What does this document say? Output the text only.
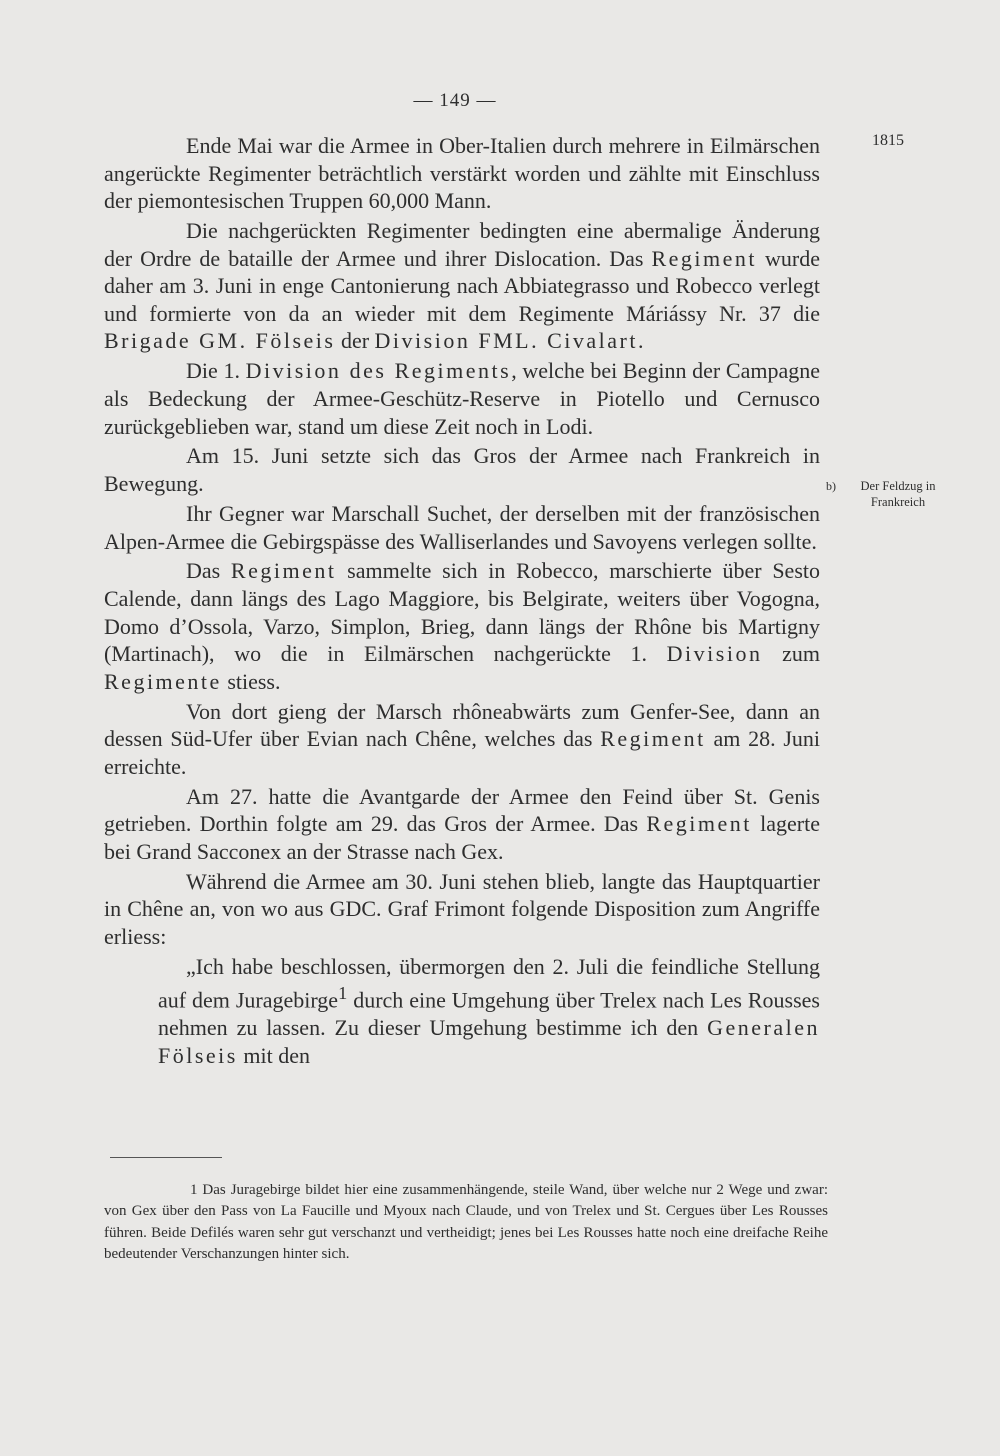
— 149 —
1815
b)	Der Feldzug in Frankreich

Ende Mai war die Armee in Ober-Italien durch mehrere in Eilmärschen angerückte Regimenter beträchtlich verstärkt worden und zählte mit Einschluss der piemontesischen Truppen 60,000 Mann.

Die nachgerückten Regimenter bedingten eine abermalige Änderung der Ordre de bataille der Armee und ihrer Dislocation. Das Regiment wurde daher am 3. Juni in enge Cantonierung nach Abbiategrasso und Robecco verlegt und formierte von da an wieder mit dem Regimente Máriássy Nr. 37 die Brigade GM. Fölseis der Division FML. Civalart.

Die 1. Division des Regiments, welche bei Beginn der Campagne als Bedeckung der Armee-Geschütz-Reserve in Piotello und Cernusco zurückgeblieben war, stand um diese Zeit noch in Lodi.

Am 15. Juni setzte sich das Gros der Armee nach Frankreich in Bewegung.

Ihr Gegner war Marschall Suchet, der derselben mit der französischen Alpen-Armee die Gebirgspässe des Walliserlandes und Savoyens verlegen sollte.

Das Regiment sammelte sich in Robecco, marschierte über Sesto Calende, dann längs des Lago Maggiore, bis Belgirate, weiters über Vogogna, Domo d’Ossola, Varzo, Simplon, Brieg, dann längs der Rhône bis Martigny (Martinach), wo die in Eilmärschen nachgerückte 1. Division zum Regimente stiess.

Von dort gieng der Marsch rhôneabwärts zum Genfer-See, dann an dessen Süd-Ufer über Evian nach Chêne, welches das Regiment am 28. Juni erreichte.

Am 27. hatte die Avantgarde der Armee den Feind über St. Genis getrieben. Dorthin folgte am 29. das Gros der Armee. Das Regiment lagerte bei Grand Sacconex an der Strasse nach Gex.

Während die Armee am 30. Juni stehen blieb, langte das Hauptquartier in Chêne an, von wo aus GDC. Graf Frimont folgende Disposition zum Angriffe erliess:

„Ich habe beschlossen, übermorgen den 2. Juli die feindliche Stellung auf dem Juragebirge$^1$ durch eine Umgehung über Trelex nach Les Rousses nehmen zu lassen. Zu dieser Umgehung bestimme ich den Generalen Fölseis mit den

1 Das Juragebirge bildet hier eine zusammenhängende, steile Wand, über welche nur 2 Wege und zwar: von Gex über den Pass von La Faucille und Myoux nach Claude, und von Trelex und St. Cergues über Les Rousses führen. Beide Defilés waren sehr gut verschanzt und vertheidigt; jenes bei Les Rousses hatte noch eine dreifache Reihe bedeutender Verschanzungen hinter sich.
